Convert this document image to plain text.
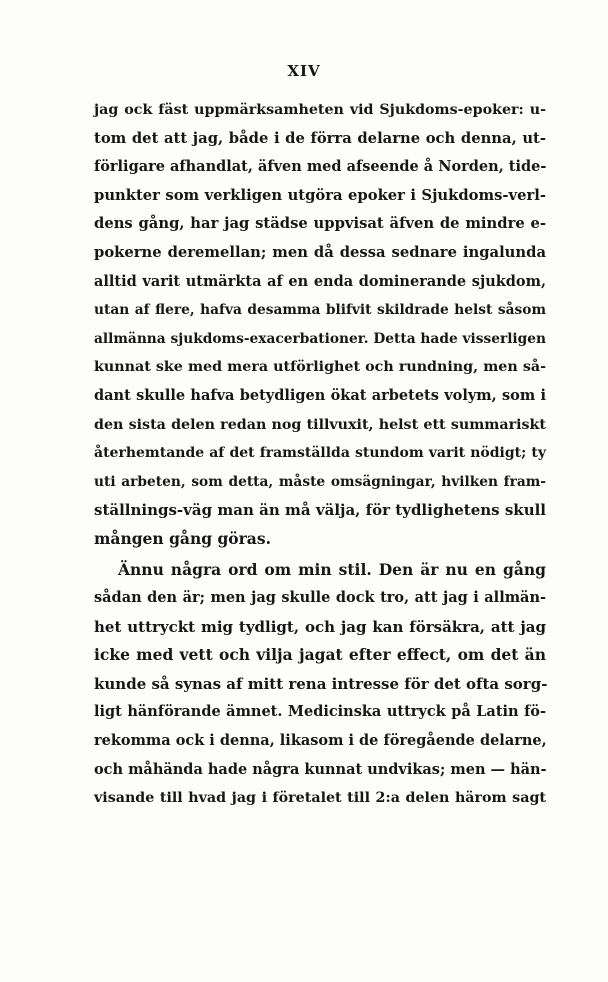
XIV
jag ock fäst uppmärksamheten vid Sjukdoms-epoker: u-
tom det att jag, både i de förra delarne och denna, ut-
förligare afhandlat, äfven med afseende å Norden, tide-
punkter som verkligen utgöra epoker i Sjukdoms-verl-
dens gång, har jag städse uppvisat äfven de mindre e-
pokerne deremellan; men då dessa sednare ingalunda
alltid varit utmärkta af en enda dominerande sjukdom,
utan af flere, hafva desamma blifvit skildrade helst såsom
allmänna sjukdoms-exacerbationer. Detta hade visserligen
kunnat ske med mera utförlighet och rundning, men så-
dant skulle hafva betydligen ökat arbetets volym, som i
den sista delen redan nog tillvuxit, helst ett summariskt
återhemtande af det framställda stundom varit nödigt; ty
uti arbeten, som detta, måste omsägningar, hvilken fram-
ställnings-väg man än må välja, för tydlighetens skull
mången gång göras.
Ännu några ord om min stil. Den är nu en gång
sådan den är; men jag skulle dock tro, att jag i allmän-
het uttryckt mig tydligt, och jag kan försäkra, att jag
icke med vett och vilja jagat efter effect, om det än
kunde så synas af mitt rena intresse för det ofta sorg-
ligt hänförande ämnet. Medicinska uttryck på Latin fö-
rekomma ock i denna, likasom i de föregående delarne,
och måhända hade några kunnat undvikas; men — hän-
visande till hvad jag i företalet till 2:a delen härom sagt
